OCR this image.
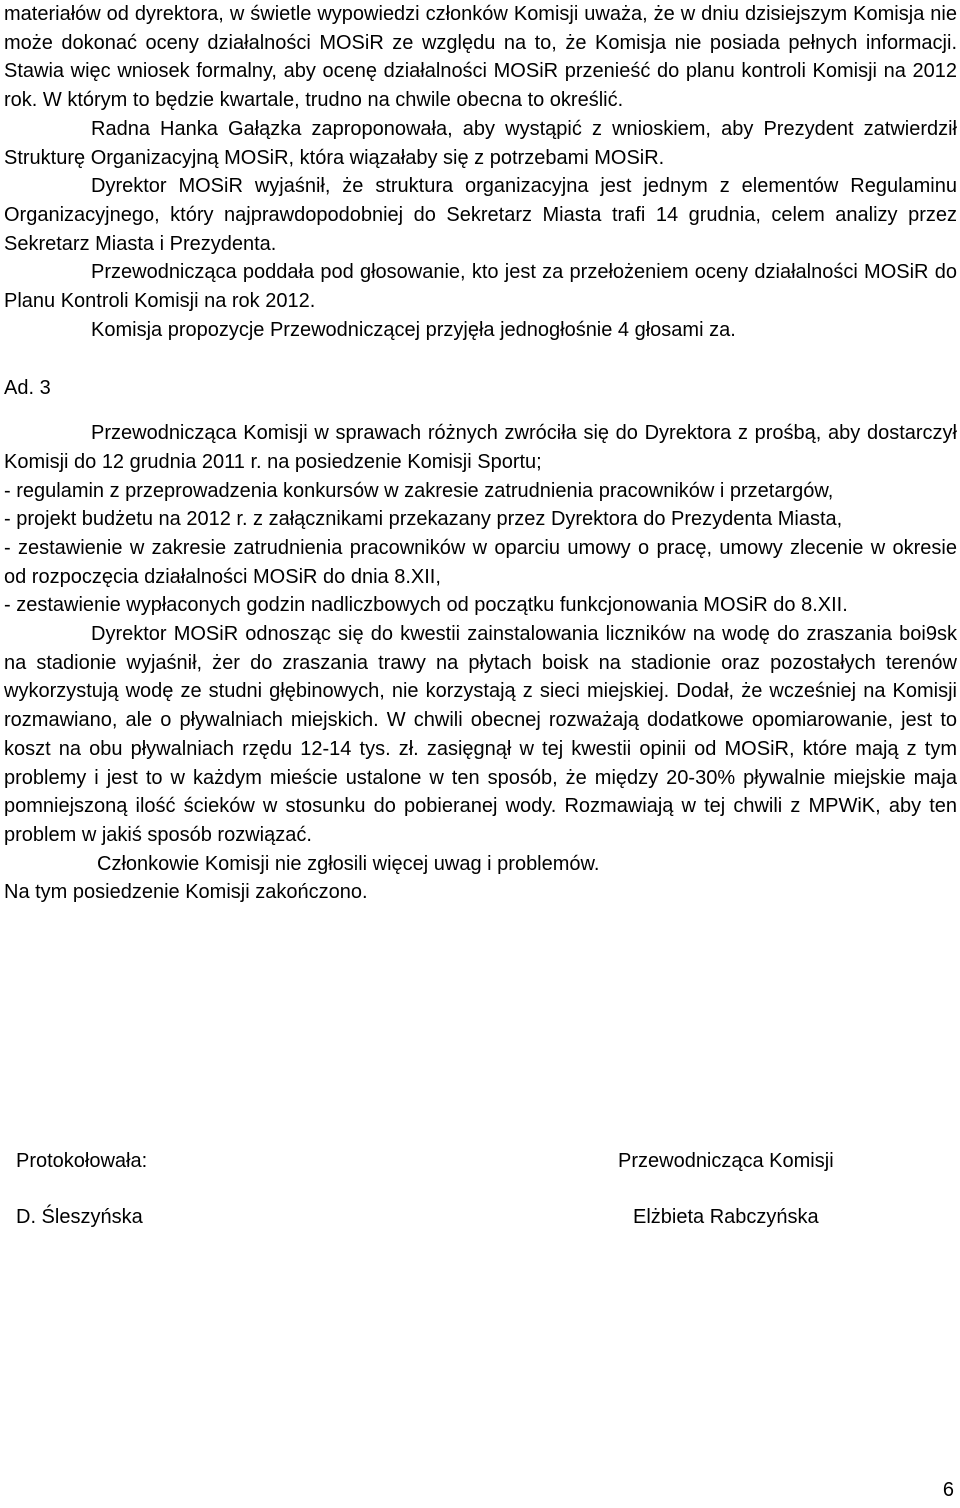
materiałów od dyrektora, w świetle wypowiedzi członków Komisji uważa, że w dniu dzisiejszym Komisja nie może dokonać oceny działalności MOSiR ze względu na to, że Komisja nie posiada pełnych informacji. Stawia więc wniosek formalny, aby ocenę działalności MOSiR przenieść do planu kontroli Komisji na 2012 rok. W którym to będzie kwartale, trudno na chwile obecna to określić.

Radna Hanka Gałązka zaproponowała, aby wystąpić z wnioskiem, aby Prezydent zatwierdził Strukturę Organizacyjną MOSiR, która wiązałaby się z potrzebami MOSiR.

Dyrektor MOSiR wyjaśnił, że struktura organizacyjna jest jednym z elementów Regulaminu Organizacyjnego, który najprawdopodobniej do Sekretarz Miasta trafi 14 grudnia, celem analizy przez Sekretarz Miasta i Prezydenta.

Przewodnicząca poddała pod głosowanie, kto jest za przełożeniem oceny działalności MOSiR do Planu Kontroli Komisji na rok 2012.

Komisja propozycje Przewodniczącej przyjęła jednogłośnie 4 głosami za.

Ad. 3

Przewodnicząca Komisji w sprawach różnych zwróciła się do Dyrektora z prośbą, aby dostarczył Komisji do 12 grudnia 2011 r. na posiedzenie Komisji Sportu;

- regulamin z przeprowadzenia konkursów w zakresie zatrudnienia pracowników i przetargów,

- projekt budżetu na 2012 r. z załącznikami przekazany przez Dyrektora do Prezydenta Miasta,

- zestawienie w zakresie zatrudnienia pracowników w oparciu umowy o pracę, umowy zlecenie w okresie od rozpoczęcia działalności MOSiR do dnia 8.XII,

- zestawienie wypłaconych godzin nadliczbowych od początku funkcjonowania MOSiR do 8.XII.

Dyrektor MOSiR odnosząc się do kwestii zainstalowania liczników na wodę do zraszania boi9sk na stadionie wyjaśnił, żer do zraszania trawy na płytach boisk na stadionie oraz pozostałych terenów wykorzystują wodę ze studni głębinowych, nie korzystają z sieci miejskiej. Dodał, że wcześniej na Komisji rozmawiano, ale o pływalniach miejskich. W chwili obecnej rozważają dodatkowe opomiarowanie, jest to koszt na obu pływalniach rzędu 12-14 tys. zł. zasięgnął w tej kwestii opinii od MOSiR, które mają z tym problemy i jest to w każdym mieście ustalone w ten sposób, że między 20-30% pływalnie miejskie maja pomniejszoną ilość ścieków w stosunku do pobieranej wody. Rozmawiają w tej chwili z MPWiK, aby ten problem w jakiś sposób rozwiązać.

Członkowie Komisji nie zgłosili więcej uwag i problemów.

Na tym posiedzenie Komisji zakończono.

Protokołowała:
D. Śleszyńska
Przewodnicząca Komisji
Elżbieta Rabczyńska
6
